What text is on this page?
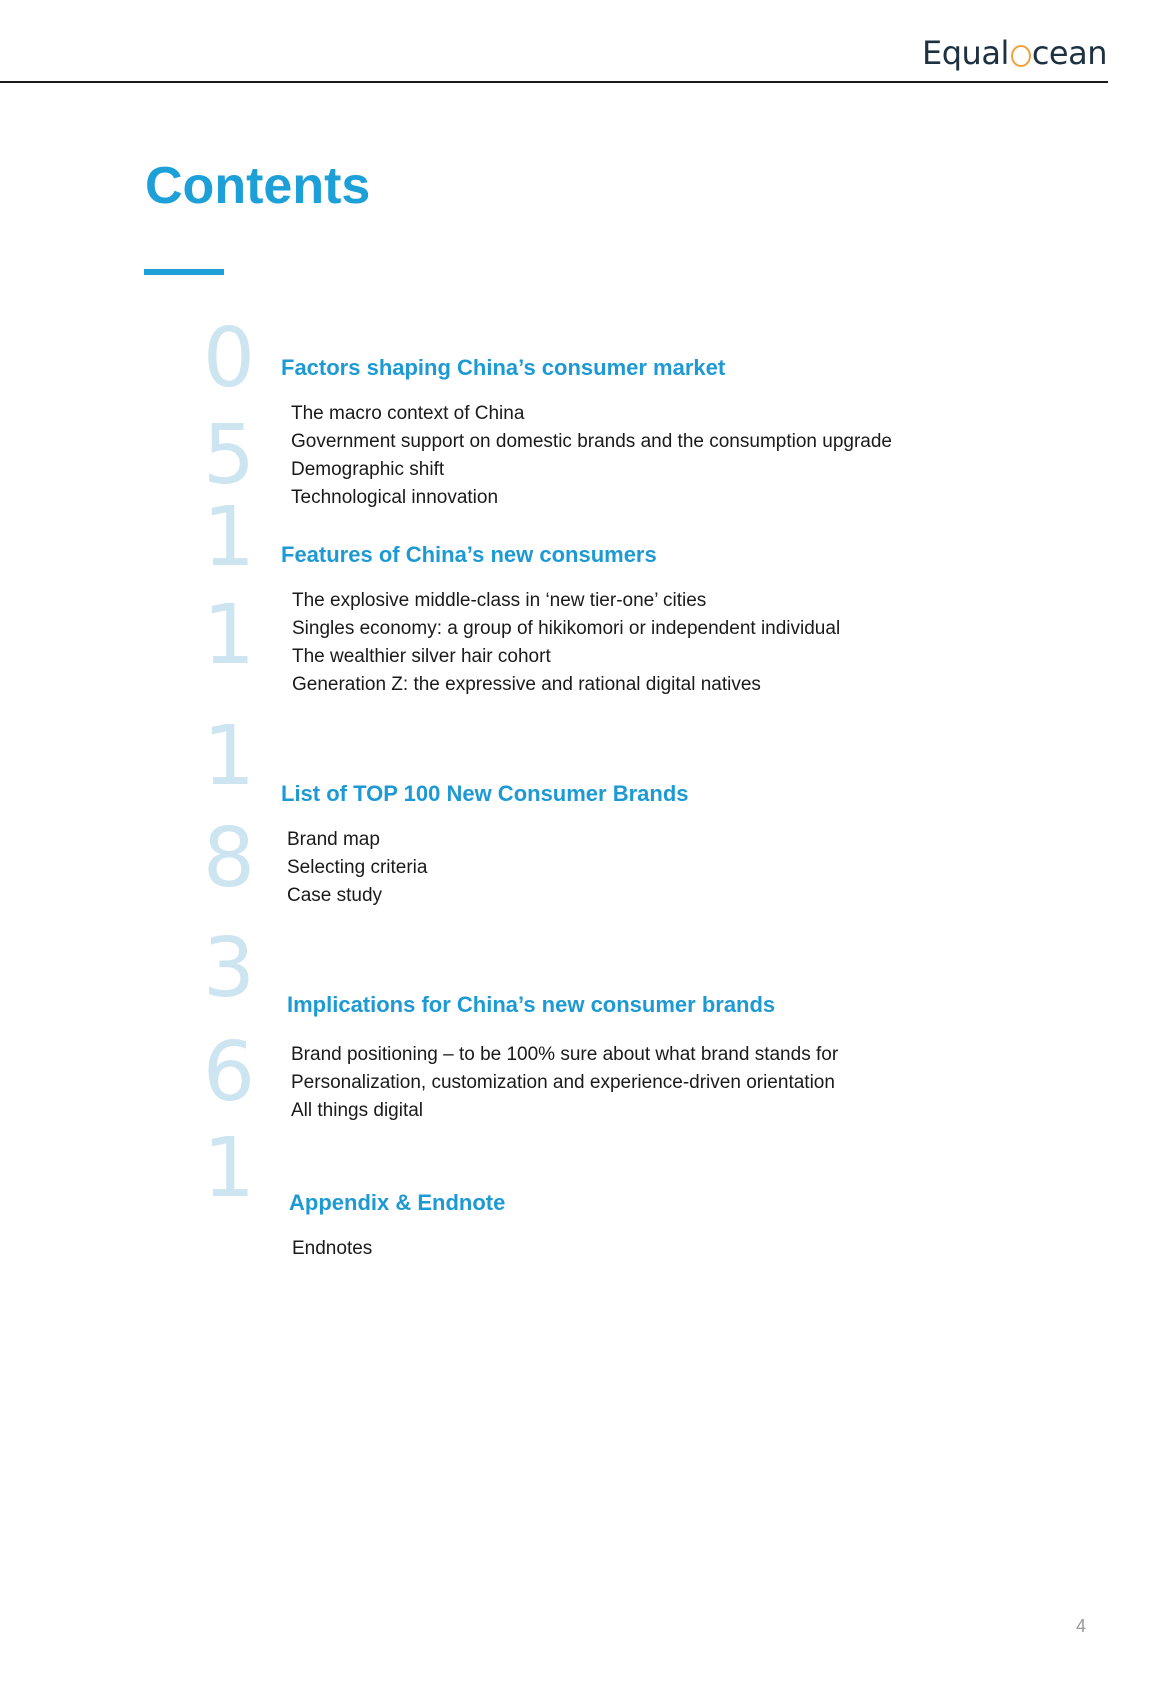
Equal cean
Contents
0
5
1
1
1
8
3
6
1
Factors shaping China’s consumer market
The macro context of China
Government support on domestic brands and the consumption upgrade
Demographic shift
Technological innovation
Features of China’s new consumers
The explosive middle-class in ‘new tier-one’ cities
Singles economy: a group of hikikomori or independent individual
The wealthier silver hair cohort
Generation Z: the expressive and rational digital natives
List of TOP 100 New Consumer Brands
Brand map
Selecting criteria
Case study
Implications for China’s new consumer brands
Brand positioning – to be 100% sure about what brand stands for
Personalization, customization and experience-driven orientation
All things digital
Appendix & Endnote
Endnotes
4
